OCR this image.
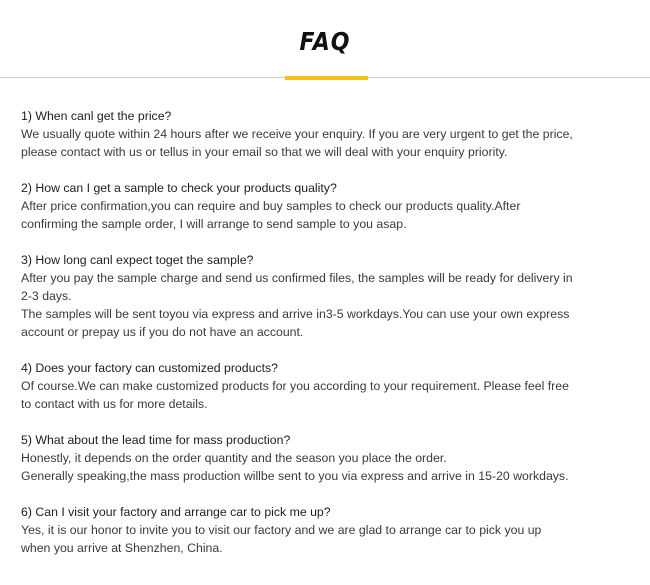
FAQ

1) When canl get the price?

We usually quote within 24 hours after we receive your enquiry. If you are very urgent to get the price,

please contact with us or tellus in your email so that we will deal with your enquiry priority.

2) How can I get a sample to check your products quality?

After price confirmation,you can require and buy samples to check our products quality.After

confirming the sample order, I will arrange to send sample to you asap.

3) How long canl expect toget the sample?

After you pay the sample charge and send us confirmed files, the samples will be ready for delivery in

2-3 days.

The samples will be sent toyou via express and arrive in3-5 workdays.You can use your own express

account or prepay us if you do not have an account.

4) Does your factory can customized products?

Of course.We can make customized products for you according to your requirement. Please feel free

to contact with us for more details.

5) What about the lead time for mass production?

Honestly, it depends on the order quantity and the season you place the order.

Generally speaking,the mass production willbe sent to you via express and arrive in 15-20 workdays.

6) Can I visit your factory and arrange car to pick me up?

Yes, it is our honor to invite you to visit our factory and we are glad to arrange car to pick you up

when you arrive at Shenzhen, China.
